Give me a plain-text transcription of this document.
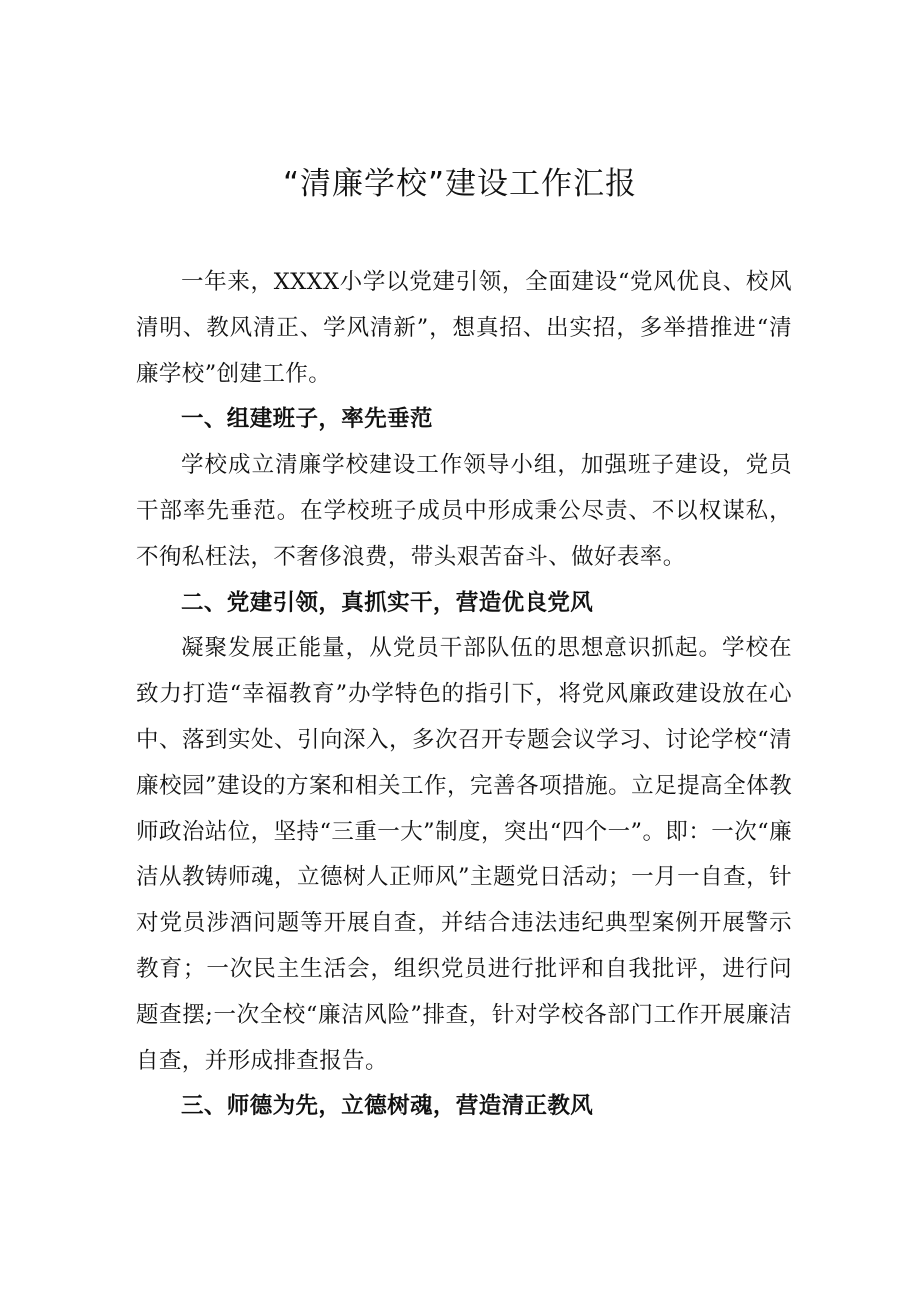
“清廉学校”建设工作汇报

一年来，XXXX小学以党建引领，全面建设“党风优良、校风清明、教风清正、学风清新”，想真招、出实招，多举措推进“清廉学校”创建工作。

一、组建班子，率先垂范

学校成立清廉学校建设工作领导小组，加强班子建设，党员干部率先垂范。在学校班子成员中形成秉公尽责、不以权谋私，不徇私枉法，不奢侈浪费，带头艰苦奋斗、做好表率。

二、党建引领，真抓实干，营造优良党风

凝聚发展正能量，从党员干部队伍的思想意识抓起。学校在致力打造“幸福教育”办学特色的指引下，将党风廉政建设放在心中、落到实处、引向深入，多次召开专题会议学习、讨论学校“清廉校园”建设的方案和相关工作，完善各项措施。立足提高全体教师政治站位，坚持“三重一大”制度，突出“四个一”。即：一次“廉洁从教铸师魂，立德树人正师风”主题党日活动；一月一自查，针对党员涉酒问题等开展自查，并结合违法违纪典型案例开展警示教育；一次民主生活会，组织党员进行批评和自我批评，进行问题查摆;一次全校“廉洁风险”排查，针对学校各部门工作开展廉洁自查，并形成排查报告。

三、师德为先，立德树魂，营造清正教风
